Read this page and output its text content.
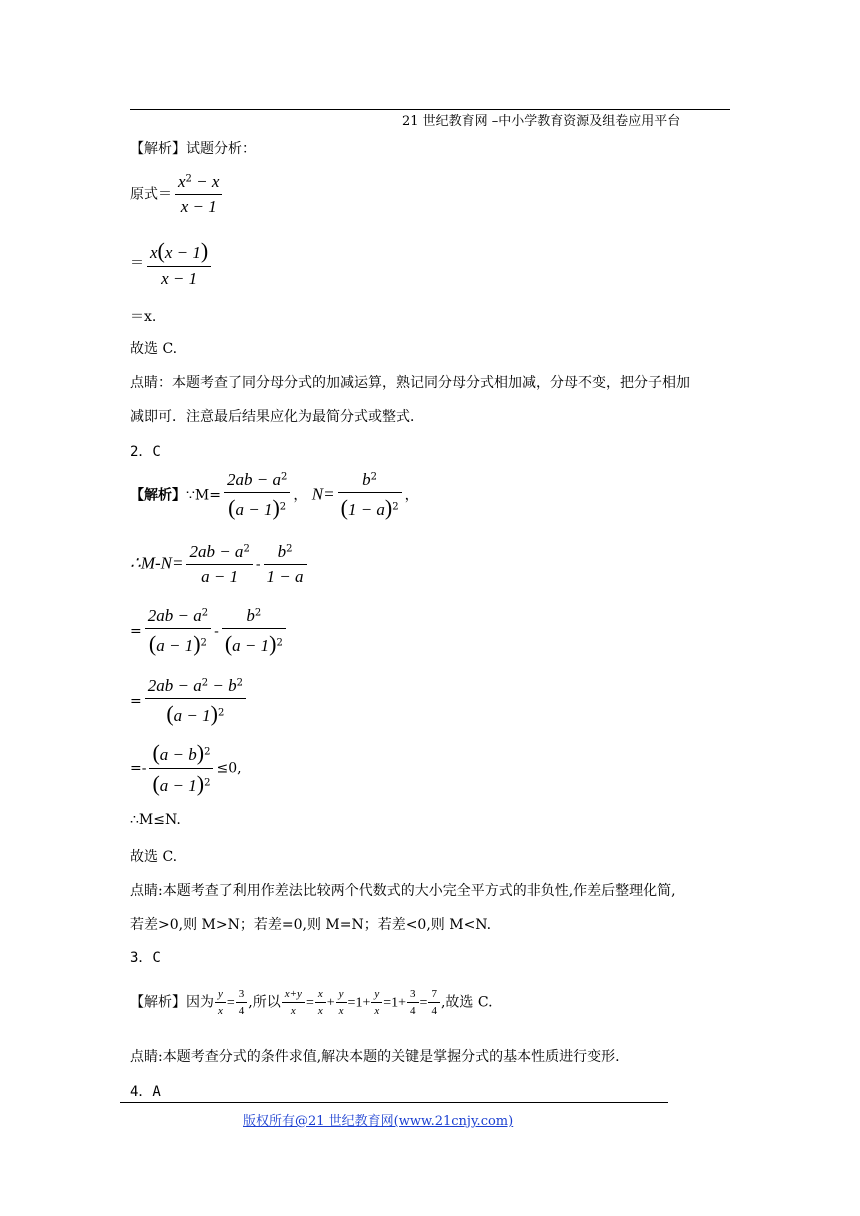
21 世纪教育网 –中小学教育资源及组卷应用平台
【解析】试题分析：
原式＝ $\frac{x^2 - x}{x - 1}$
＝ $\frac{x(x - 1)}{x - 1}$
＝x.
故选 C.
点睛：本题考查了同分母分式的加减运算，熟记同分母分式相加减，分母不变，把分子相加
减即可．注意最后结果应化为最简分式或整式．
2．C
【解析】∵M= $\frac{2ab - a^2}{(a - 1)^2}$ ， $N= \frac{b^2}{(1 - a)^2}$ ，
∴M-N= $\frac{2ab - a^2}{a - 1} - \frac{b^2}{1 - a}$
= $\frac{2ab - a^2}{(a - 1)^2} - \frac{b^2}{(a - 1)^2}$
= $\frac{2ab - a^2 - b^2}{(a - 1)^2}$
=- $\frac{(a - b)^2}{(a - 1)^2} \le 0$,
∴M≤N.
故选 C.
点睛:本题考查了利用作差法比较两个代数式的大小完全平方式的非负性,作差后整理化简,
若差>0,则 M>N；若差=0,则 M=N；若差<0,则 M<N.
3．C
【解析】因为 $\frac{y}{x} = \frac{3}{4}$ ,所以 $\frac{x+y}{x} = \frac{x}{x} + \frac{y}{x} =1+ \frac{y}{x} =1+ \frac{3}{4} = \frac{7}{4}$ ,故选 C.
点睛:本题考查分式的条件求值,解决本题的关键是掌握分式的基本性质进行变形.
4．A
版权所有@21 世纪教育网(www.21cnjy.com)
